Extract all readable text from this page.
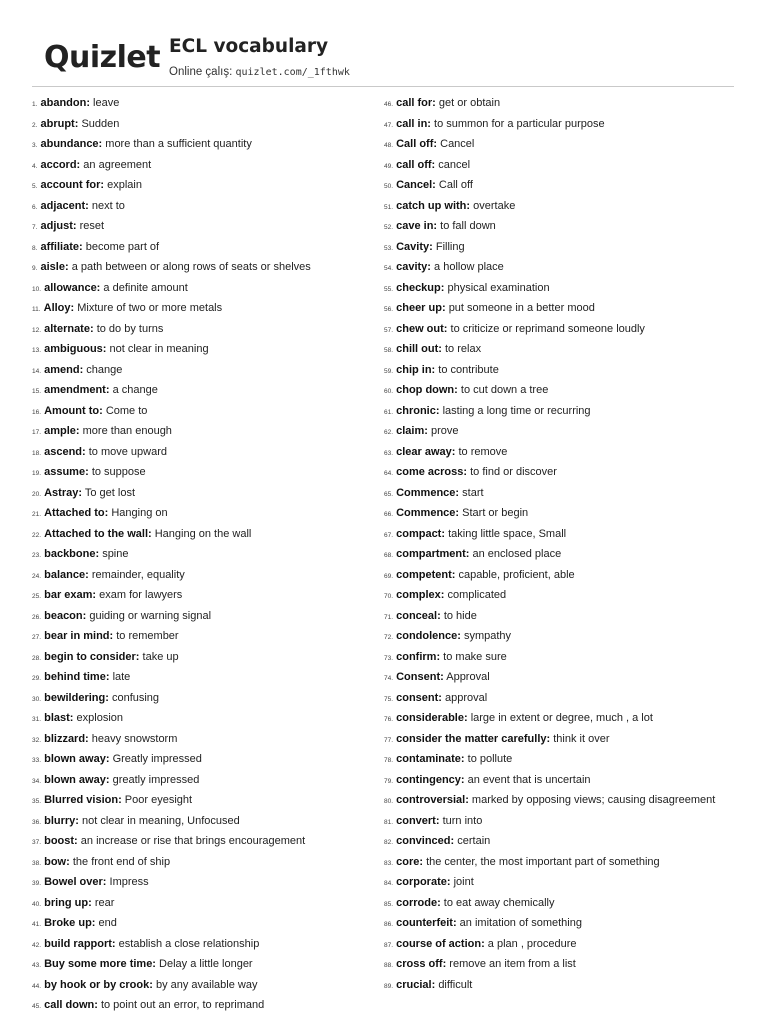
Quizlet ECL vocabulary
Online çalış: quizlet.com/_1fthwk
1. abandon: leave
2. abrupt: Sudden
3. abundance: more than a sufficient quantity
4. accord: an agreement
5. account for: explain
6. adjacent: next to
7. adjust: reset
8. affiliate: become part of
9. aisle: a path between or along rows of seats or shelves
10. allowance: a definite amount
11. Alloy: Mixture of two or more metals
12. alternate: to do by turns
13. ambiguous: not clear in meaning
14. amend: change
15. amendment: a change
16. Amount to: Come to
17. ample: more than enough
18. ascend: to move upward
19. assume: to suppose
20. Astray: To get lost
21. Attached to: Hanging on
22. Attached to the wall: Hanging on the wall
23. backbone: spine
24. balance: remainder, equality
25. bar exam: exam for lawyers
26. beacon: guiding or warning signal
27. bear in mind: to remember
28. begin to consider: take up
29. behind time: late
30. bewildering: confusing
31. blast: explosion
32. blizzard: heavy snowstorm
33. blown away: Greatly impressed
34. blown away: greatly impressed
35. Blurred vision: Poor eyesight
36. blurry: not clear in meaning, Unfocused
37. boost: an increase or rise that brings encouragement
38. bow: the front end of ship
39. Bowel over: Impress
40. bring up: rear
41. Broke up: end
42. build rapport: establish a close relationship
43. Buy some more time: Delay a little longer
44. by hook or by crook: by any available way
45. call down: to point out an error, to reprimand
46. call for: get or obtain
47. call in: to summon for a particular purpose
48. Call off: Cancel
49. call off: cancel
50. Cancel: Call off
51. catch up with: overtake
52. cave in: to fall down
53. Cavity: Filling
54. cavity: a hollow place
55. checkup: physical examination
56. cheer up: put someone in a better mood
57. chew out: to criticize or reprimand someone loudly
58. chill out: to relax
59. chip in: to contribute
60. chop down: to cut down a tree
61. chronic: lasting a long time or recurring
62. claim: prove
63. clear away: to remove
64. come across: to find or discover
65. Commence: start
66. Commence: Start or begin
67. compact: taking little space, Small
68. compartment: an enclosed place
69. competent: capable, proficient, able
70. complex: complicated
71. conceal: to hide
72. condolence: sympathy
73. confirm: to make sure
74. Consent: Approval
75. consent: approval
76. considerable: large in extent or degree, much , a lot
77. consider the matter carefully: think it over
78. contaminate: to pollute
79. contingency: an event that is uncertain
80. controversial: marked by opposing views; causing disagreement
81. convert: turn into
82. convinced: certain
83. core: the center, the most important part of something
84. corporate: joint
85. corrode: to eat away chemically
86. counterfeit: an imitation of something
87. course of action: a plan , procedure
88. cross off: remove an item from a list
89. crucial: difficult
